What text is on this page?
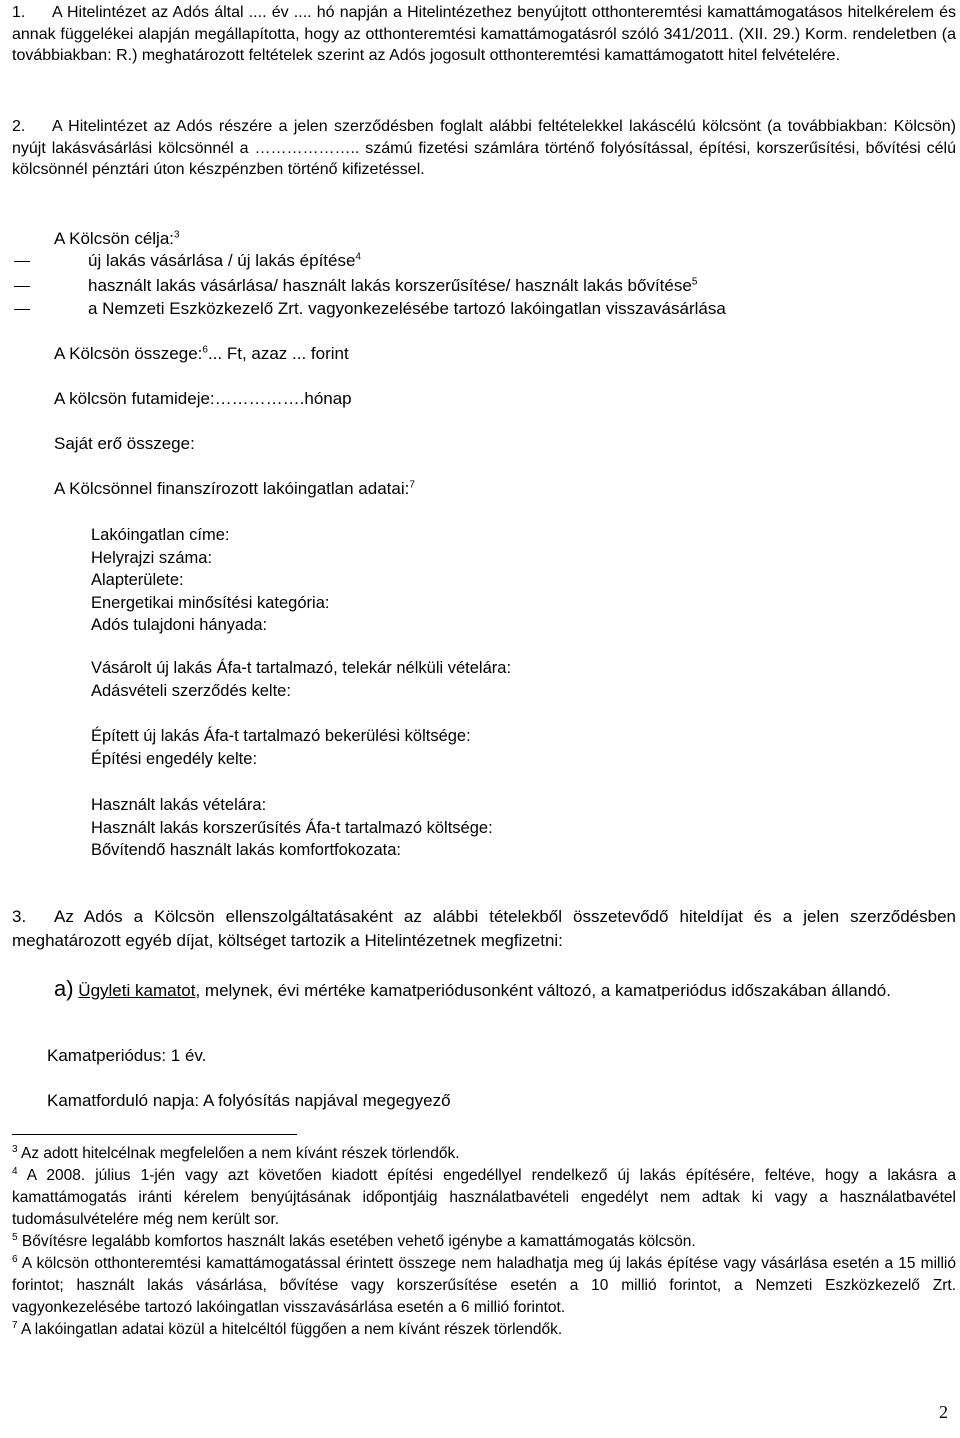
1. A Hitelintézet az Adós által .... év .... hó napján a Hitelintézethez benyújtott otthonteremtési kamattámogatásos hitelkérelem és annak függelékei alapján megállapította, hogy az otthonteremtési kamattámogatásról szóló 341/2011. (XII. 29.) Korm. rendeletben (a továbbiakban: R.) meghatározott feltételek szerint az Adós jogosult otthonteremtési kamattámogatott hitel felvételére.

2. A Hitelintézet az Adós részére a jelen szerződésben foglalt alábbi feltételekkel lakáscélú kölcsönt (a továbbiakban: Kölcsön) nyújt lakásvásárlási kölcsönnél a ……………….. számú fizetési számlára történő folyósítással, építési, korszerűsítési, bővítési célú kölcsönnél pénztári úton készpénzben történő kifizetéssel.

A Kölcsön célja:$^3$
új lakás vásárlása / új lakás építése$^4$
használt lakás vásárlása/ használt lakás korszerűsítése/ használt lakás bővítése$^5$
a Nemzeti Eszközkezelő Zrt. vagyonkezelésébe tartozó lakóingatlan visszavásárlása
A Kölcsön összege:$^6$... Ft, azaz ... forint
A kölcsön futamideje:…………….hónap
Saját erő összege:
A Kölcsönnel finanszírozott lakóingatlan adatai:$^7$
Lakóingatlan címe:
Helyrajzi száma:
Alapterülete:
Energetikai minősítési kategória:
Adós tulajdoni hányada:
Vásárolt új lakás Áfa-t tartalmazó, telekár nélküli vételára:
Adásvételi szerződés kelte:
Épített új lakás Áfa-t tartalmazó bekerülési költsége:
Építési engedély kelte:
Használt lakás vételára:
Használt lakás korszerűsítés Áfa-t tartalmazó költsége:
Bővítendő használt lakás komfortfokozata:

3. Az Adós a Kölcsön ellenszolgáltatásaként az alábbi tételekből összetevődő hiteldíjat és a jelen szerződésben meghatározott egyéb díjat, költséget tartozik a Hitelintézetnek megfizetni:

a) Ügyleti kamatot, melynek, évi mértéke kamatperiódusonként változó, a kamatperiódus időszakában állandó.

Kamatperiódus: 1 év.
Kamatforduló napja: A folyósítás napjával megegyező

$^3$ Az adott hitelcélnak megfelelően a nem kívánt részek törlendők.

$^4$ A 2008. július 1-jén vagy azt követően kiadott építési engedéllyel rendelkező új lakás építésére, feltéve, hogy a lakásra a kamattámogatás iránti kérelem benyújtásának időpontjáig használatbavételi engedélyt nem adtak ki vagy a használatbavétel tudomásulvételére még nem került sor.

$^5$ Bővítésre legalább komfortos használt lakás esetében vehető igénybe a kamattámogatás kölcsön.

$^6$ A kölcsön otthonteremtési kamattámogatással érintett összege nem haladhatja meg új lakás építése vagy vásárlása esetén a 15 millió forintot; használt lakás vásárlása, bővítése vagy korszerűsítése esetén a 10 millió forintot, a Nemzeti Eszközkezelő Zrt. vagyonkezelésébe tartozó lakóingatlan visszavásárlása esetén a 6 millió forintot.

$^7$ A lakóingatlan adatai közül a hitelcéltól függően a nem kívánt részek törlendők.

2
